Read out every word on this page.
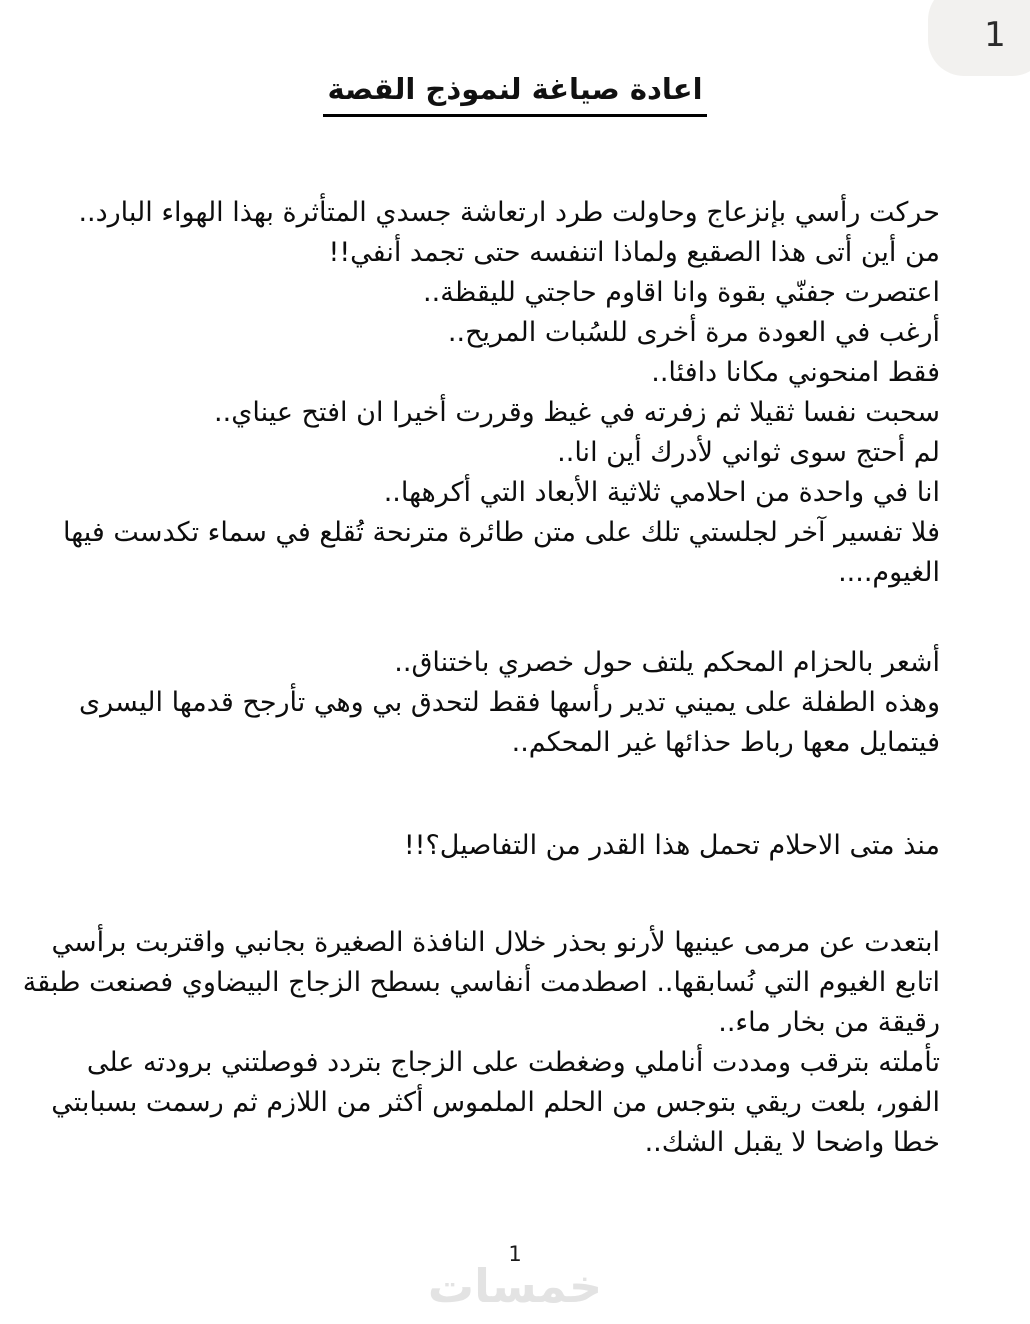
1
اعادة صياغة لنموذج القصة
حركت رأسي بإنزعاج وحاولت طرد ارتعاشة جسدي المتأثرة بهذا الهواء البارد..
من أين أتى هذا الصقيع ولماذا اتنفسه حتى تجمد أنفي!!
اعتصرت جفنّي بقوة وانا اقاوم حاجتي لليقظة..
أرغب في العودة مرة أخرى للسُبات المريح..
فقط امنحوني مكانا دافئا..
سحبت نفسا ثقيلا ثم زفرته في غيظ وقررت أخيرا ان افتح عيناي..
لم أحتج سوى ثواني لأدرك أين انا..
انا في واحدة من احلامي ثلاثية الأبعاد التي أكرهها..
فلا تفسير آخر لجلستي تلك على متن طائرة مترنحة تُقلع في سماء تكدست فيها
الغيوم....
أشعر بالحزام المحكم يلتف حول خصري باختناق..
وهذه الطفلة على يميني تدير رأسها فقط لتحدق بي وهي تأرجح قدمها اليسرى
فيتمايل معها رباط حذائها غير المحكم..
منذ متى الاحلام تحمل هذا القدر من التفاصيل؟!!
ابتعدت عن مرمى عينيها لأرنو بحذر خلال النافذة الصغيرة بجانبي واقتربت برأسي
اتابع الغيوم التي نُسابقها.. اصطدمت أنفاسي بسطح الزجاج البيضاوي فصنعت طبقة
رقيقة من بخار ماء..
تأملته بترقب ومددت أناملي وضغطت على الزجاج بتردد فوصلتني برودته على
الفور، بلعت ريقي بتوجس من الحلم الملموس أكثر من اللازم ثم رسمت بسبابتي
خطا واضحا لا يقبل الشك..
1
خمسات
